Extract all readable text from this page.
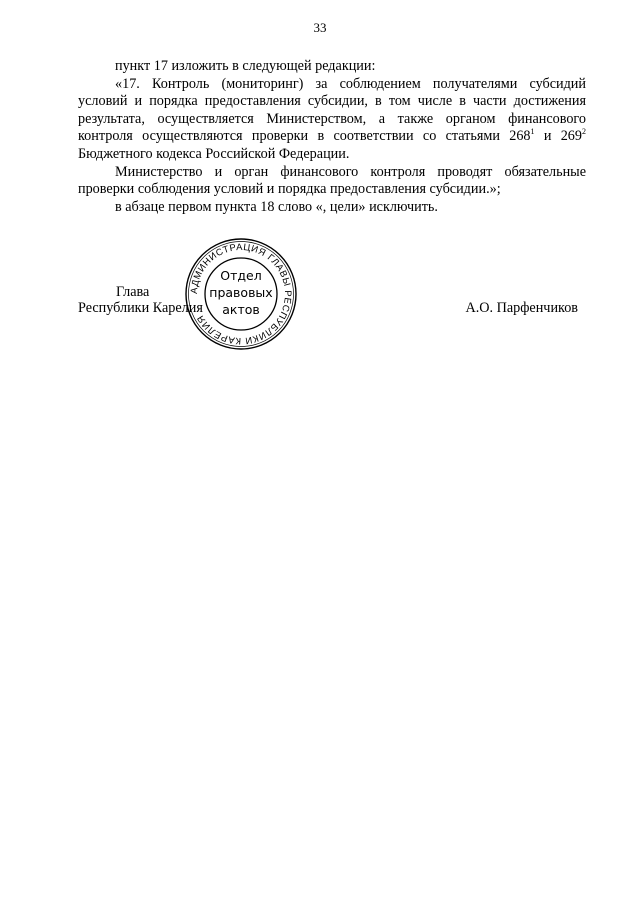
33

пункт 17 изложить в следующей редакции:

«17. Контроль (мониторинг) за соблюдением получателями субсидий условий и порядка предоставления субсидии, в том числе в части достижения результата, осуществляется Министерством, а также органом финансового контроля осуществляются проверки в соответствии со статьями $268^1$ и $269^2$ Бюджетного кодекса Российской Федерации.

Министерство и орган финансового контроля проводят обязательные проверки соблюдения условий и порядка предоставления субсидии.»;

в абзаце первом пункта 18 слово «, цели» исключить.

Глава
Республики Карелия	А.О. Парфенчиков
АДМИНИСТРАЦИЯ ГЛАВЫ РЕСПУБЛИКИ КАРЕЛИЯ
Отдел
правовых
актов
